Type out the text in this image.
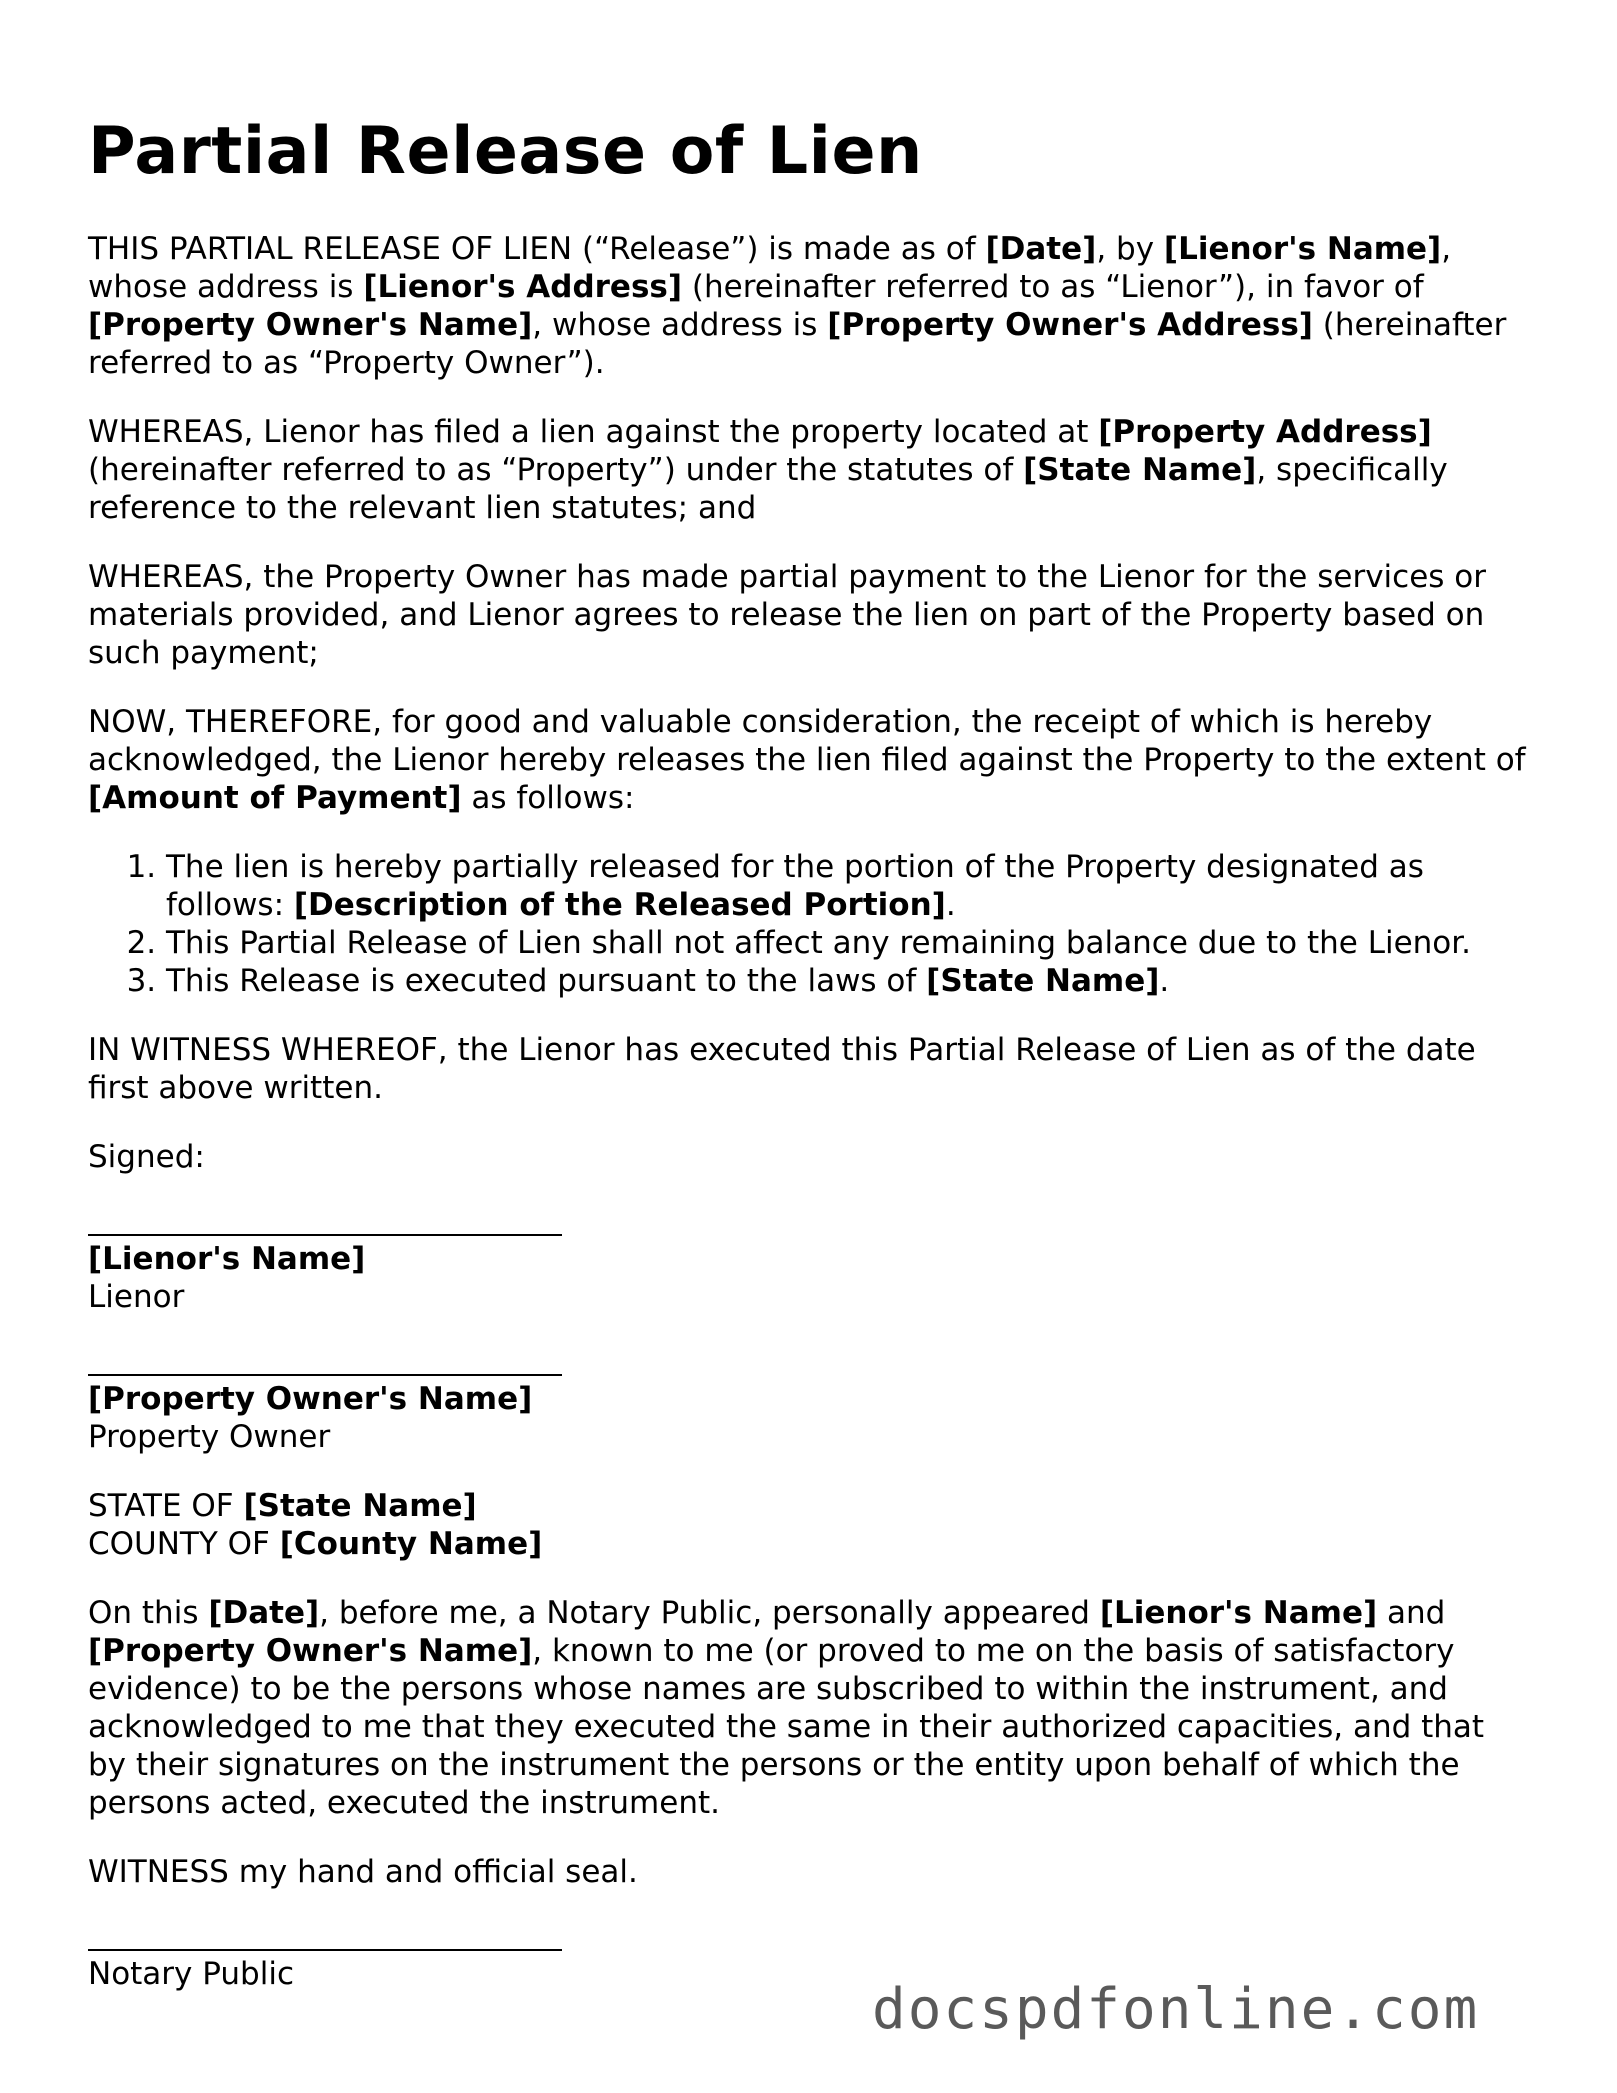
Partial Release of Lien

THIS PARTIAL RELEASE OF LIEN (“Release”) is made as of [Date], by [Lienor's Name], whose address is [Lienor's Address] (hereinafter referred to as “Lienor”), in favor of [Property Owner's Name], whose address is [Property Owner's Address] (hereinafter referred to as “Property Owner”).

WHEREAS, Lienor has filed a lien against the property located at [Property Address] (hereinafter referred to as “Property”) under the statutes of [State Name], specifically reference to the relevant lien statutes; and

WHEREAS, the Property Owner has made partial payment to the Lienor for the services or materials provided, and Lienor agrees to release the lien on part of the Property based on such payment;

NOW, THEREFORE, for good and valuable consideration, the receipt of which is hereby acknowledged, the Lienor hereby releases the lien filed against the Property to the extent of [Amount of Payment] as follows:

1. The lien is hereby partially released for the portion of the Property designated as follows: [Description of the Released Portion].
2. This Partial Release of Lien shall not affect any remaining balance due to the Lienor.
3. This Release is executed pursuant to the laws of [State Name].

IN WITNESS WHEREOF, the Lienor has executed this Partial Release of Lien as of the date first above written.

Signed:

[Lienor's Name]
Lienor
[Property Owner's Name]
Property Owner
STATE OF [State Name]
COUNTY OF [County Name]

On this [Date], before me, a Notary Public, personally appeared [Lienor's Name] and [Property Owner's Name], known to me (or proved to me on the basis of satisfactory evidence) to be the persons whose names are subscribed to within the instrument, and acknowledged to me that they executed the same in their authorized capacities, and that by their signatures on the instrument the persons or the entity upon behalf of which the persons acted, executed the instrument.

WITNESS my hand and official seal.

Notary Public
docspdfonline.com
